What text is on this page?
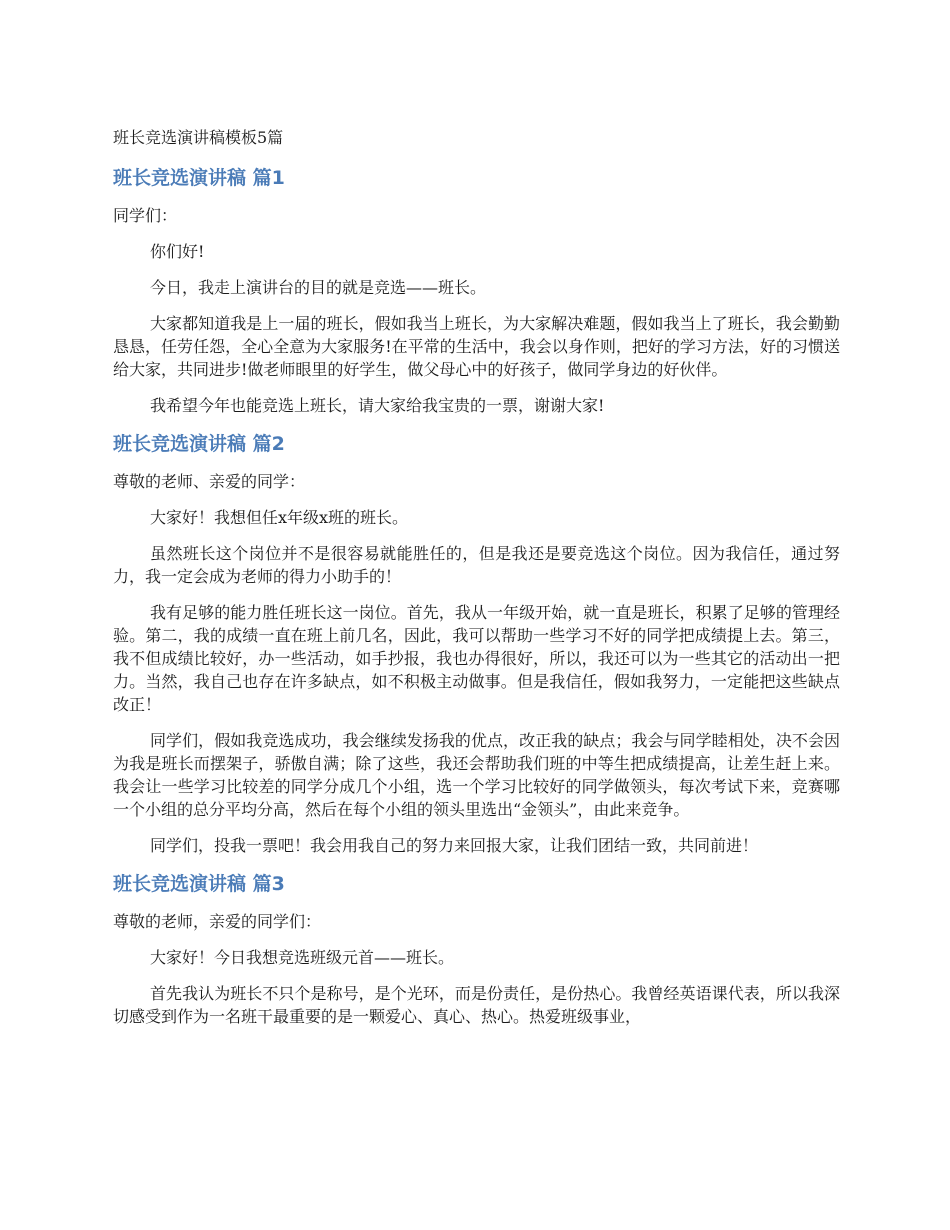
班长竞选演讲稿模板5篇
班长竞选演讲稿 篇1

同学们：

你们好!

今日，我走上演讲台的目的就是竞选——班长。

大家都知道我是上一届的班长，假如我当上班长，为大家解决难题，假如我当上了班长，我会勤勤恳恳，任劳任怨，全心全意为大家服务!在平常的生活中，我会以身作则，把好的学习方法，好的习惯送给大家，共同进步!做老师眼里的好学生，做父母心中的好孩子，做同学身边的好伙伴。

我希望今年也能竞选上班长，请大家给我宝贵的一票，谢谢大家!

班长竞选演讲稿 篇2

尊敬的老师、亲爱的同学：

大家好！我想但任x年级x班的班长。

虽然班长这个岗位并不是很容易就能胜任的，但是我还是要竞选这个岗位。因为我信任，通过努力，我一定会成为老师的得力小助手的！

我有足够的能力胜任班长这一岗位。首先，我从一年级开始，就一直是班长，积累了足够的管理经验。第二，我的成绩一直在班上前几名，因此，我可以帮助一些学习不好的同学把成绩提上去。第三，我不但成绩比较好，办一些活动，如手抄报，我也办得很好，所以，我还可以为一些其它的活动出一把力。当然，我自己也存在许多缺点，如不积极主动做事。但是我信任，假如我努力，一定能把这些缺点改正！

同学们，假如我竞选成功，我会继续发扬我的优点，改正我的缺点；我会与同学睦相处，决不会因为我是班长而摆架子，骄傲自满；除了这些，我还会帮助我们班的中等生把成绩提高，让差生赶上来。我会让一些学习比较差的同学分成几个小组，选一个学习比较好的同学做领头，每次考试下来，竞赛哪一个小组的总分平均分高，然后在每个小组的领头里选出“金领头”，由此来竞争。

同学们，投我一票吧！我会用我自己的努力来回报大家，让我们团结一致，共同前进！

班长竞选演讲稿 篇3

尊敬的老师，亲爱的同学们：

大家好！今日我想竞选班级元首——班长。

首先我认为班长不只个是称号，是个光环，而是份责任，是份热心。我曾经英语课代表，所以我深切感受到作为一名班干最重要的是一颗爱心、真心、热心。热爱班级事业，
